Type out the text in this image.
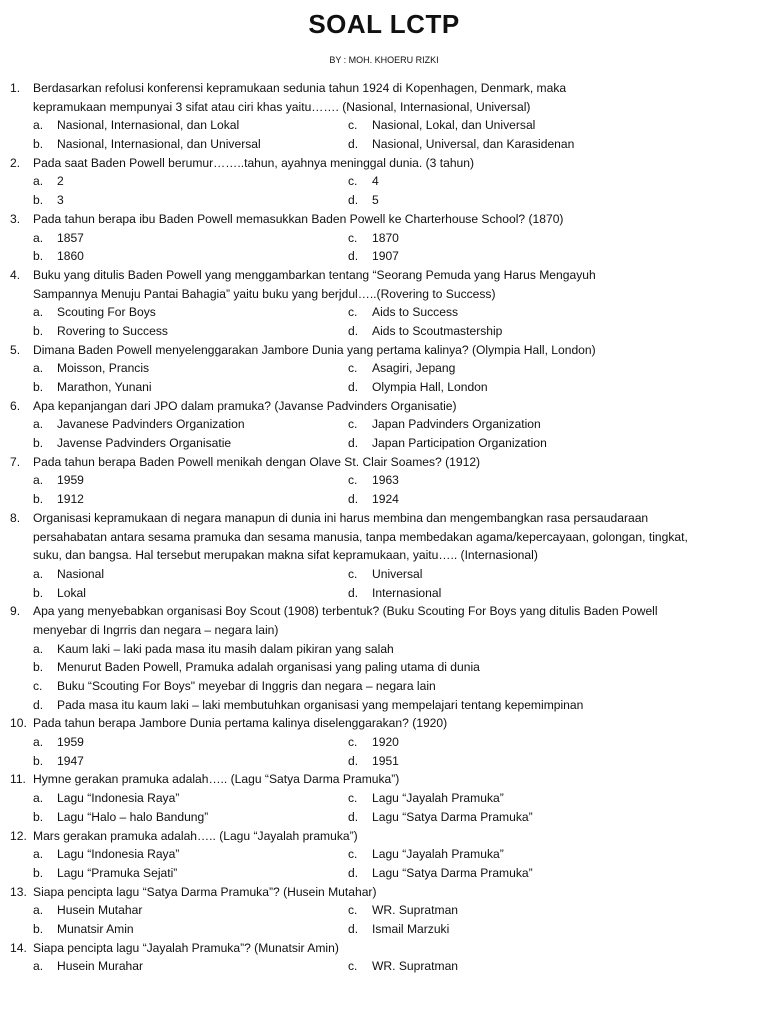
SOAL LCTP
BY : MOH. KHOERU RIZKI
1. Berdasarkan refolusi konferensi kepramukaan sedunia tahun 1924 di Kopenhagen, Denmark, maka
kepramukaan mempunyai 3 sifat atau ciri khas yaitu……. (Nasional, Internasional, Universal)
a. Nasional, Internasional, dan Lokal	c. Nasional, Lokal, dan Universal
b. Nasional, Internasional, dan Universal	d. Nasional, Universal, dan Karasidenan
2. Pada saat Baden Powell berumur……..tahun, ayahnya meninggal dunia. (3 tahun)
a. 2	c. 4
b. 3	d. 5
3. Pada tahun berapa ibu Baden Powell memasukkan Baden Powell ke Charterhouse School? (1870)
a. 1857	c. 1870
b. 1860	d. 1907
4. Buku yang ditulis Baden Powell yang menggambarkan tentang “Seorang Pemuda yang Harus Mengayuh
Sampannya Menuju Pantai Bahagia” yaitu buku yang berjdul…..(Rovering to Success)
a. Scouting For Boys	c. Aids to Success
b. Rovering to Success	d. Aids to Scoutmastership
5. Dimana Baden Powell menyelenggarakan Jambore Dunia yang pertama kalinya? (Olympia Hall, London)
a. Moisson, Prancis	c. Asagiri, Jepang
b. Marathon, Yunani	d. Olympia Hall, London
6. Apa kepanjangan dari JPO dalam pramuka? (Javanse Padvinders Organisatie)
a. Javanese Padvinders Organization	c. Japan Padvinders Organization
b. Javense Padvinders Organisatie	d. Japan Participation Organization
7. Pada tahun berapa Baden Powell menikah dengan Olave St. Clair Soames? (1912)
a. 1959	c. 1963
b. 1912	d. 1924
8. Organisasi kepramukaan di negara manapun di dunia ini harus membina dan mengembangkan rasa persaudaraan
persahabatan antara sesama pramuka dan sesama manusia, tanpa membedakan agama/kepercayaan, golongan, tingkat,
suku, dan bangsa. Hal tersebut merupakan makna sifat kepramukaan, yaitu….. (Internasional)
a. Nasional	c. Universal
b. Lokal	d. Internasional
9. Apa yang menyebabkan organisasi Boy Scout (1908) terbentuk? (Buku Scouting For Boys yang ditulis Baden Powell
menyebar di Ingrris dan negara – negara lain)
a. Kaum laki – laki pada masa itu masih dalam pikiran yang salah
b. Menurut Baden Powell, Pramuka adalah organisasi yang paling utama di dunia
c. Buku “Scouting For Boys" meyebar di Inggris dan negara – negara lain
d. Pada masa itu kaum laki – laki membutuhkan organisasi yang mempelajari tentang kepemimpinan
10. Pada tahun berapa Jambore Dunia pertama kalinya diselenggarakan? (1920)
a. 1959	c. 1920
b. 1947	d. 1951
11. Hymne gerakan pramuka adalah….. (Lagu “Satya Darma Pramuka”)
a. Lagu “Indonesia Raya”	c. Lagu “Jayalah Pramuka”
b. Lagu “Halo – halo Bandung”	d. Lagu “Satya Darma Pramuka”
12. Mars gerakan pramuka adalah….. (Lagu “Jayalah pramuka”)
a. Lagu “Indonesia Raya”	c. Lagu “Jayalah Pramuka”
b. Lagu “Pramuka Sejati”	d. Lagu “Satya Darma Pramuka”
13. Siapa pencipta lagu “Satya Darma Pramuka”? (Husein Mutahar)
a. Husein Mutahar	c. WR. Supratman
b. Munatsir Amin	d. Ismail Marzuki
14. Siapa pencipta lagu “Jayalah Pramuka”? (Munatsir Amin)
a. Husein Murahar	c. WR. Supratman
